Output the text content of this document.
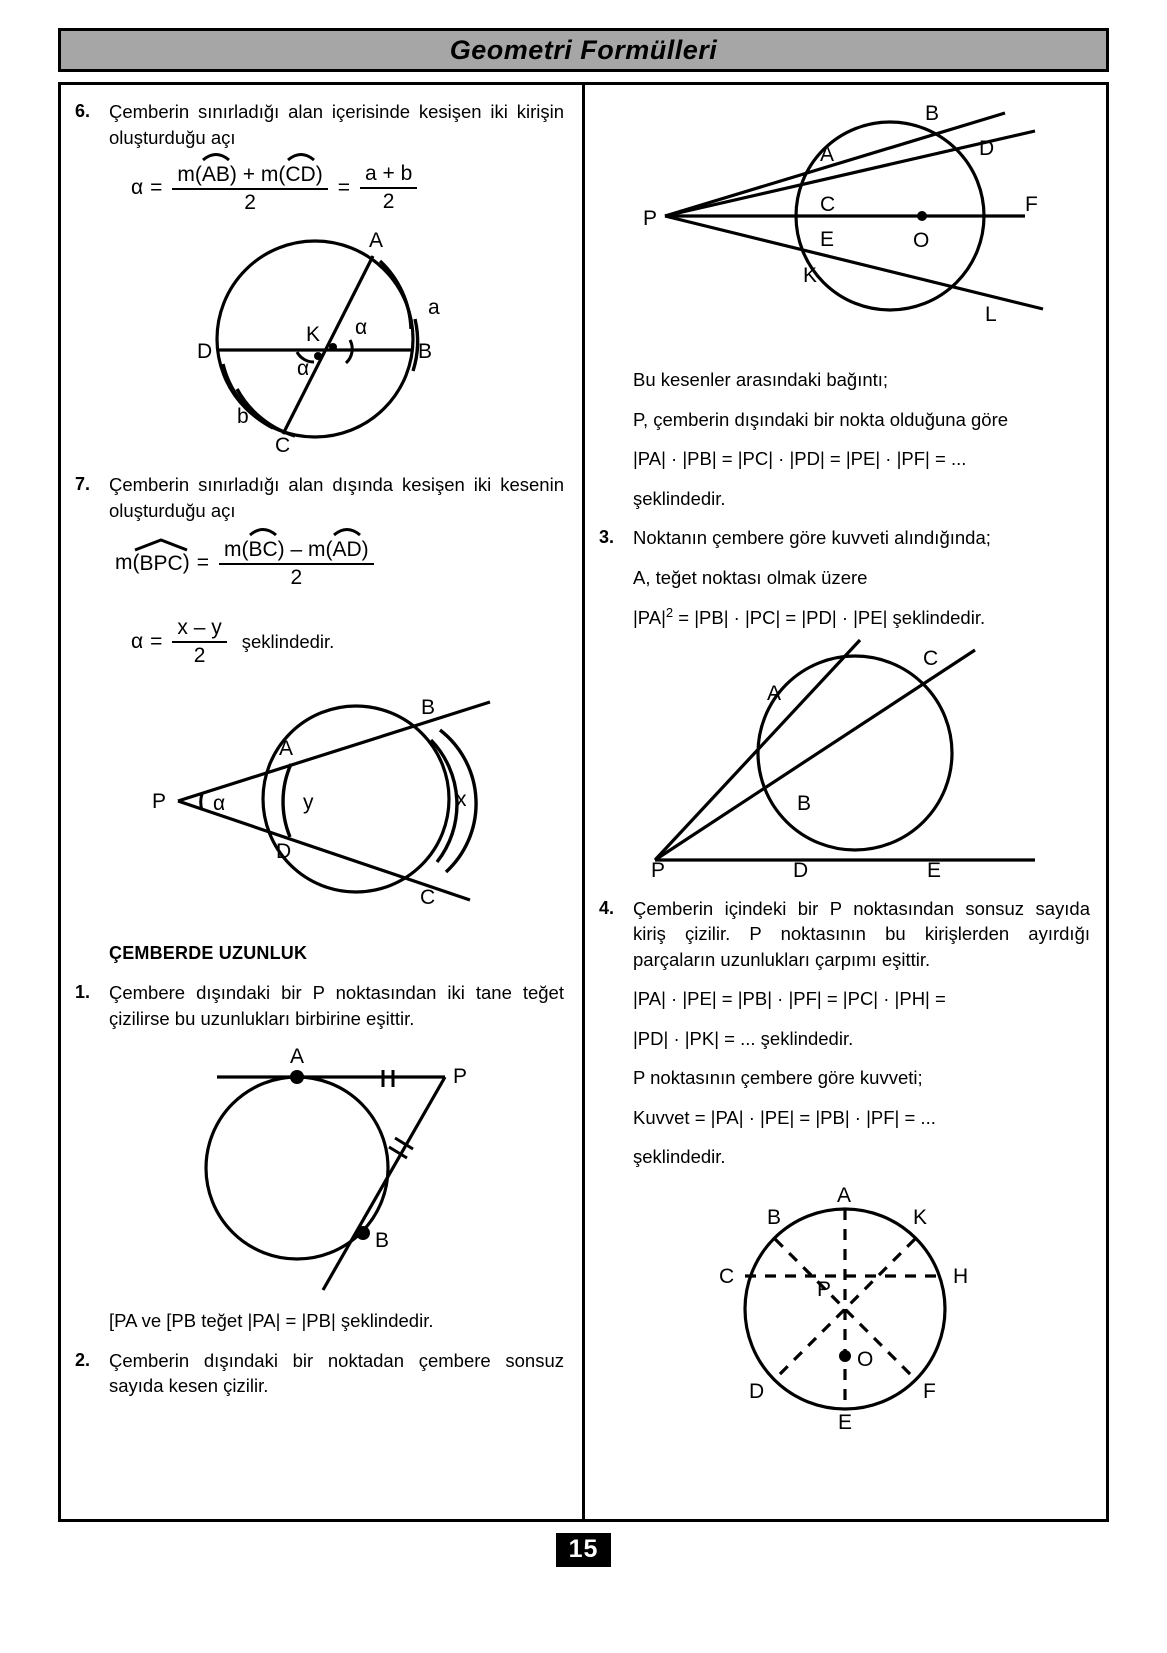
Geometri Formülleri
6.	Çemberin sınırladığı alan içerisinde kesişen iki kirişin oluşturduğu açı
α = m(
AB) + m(
CD)
$2 = \frac{a + b}{2}$
A
B
C
D
K
a
b
α
α
7.	Çemberin sınırladığı alan dışında kesişen iki kesenin oluşturduğu açı
m( BPC ) = m(
BC) – m(
AD)
2
$\alpha = \frac{x - y}{2}$ şeklindedir.
P
A
B
C
D
x
y
α
ÇEMBERDE UZUNLUK
1.	Çembere dışındaki bir P noktasından iki tane teğet çizilirse bu uzunlukları birbirine eşittir.
A
B
P
[PA ve [PB teğet |PA| = |PB| şeklindedir.
2.	Çemberin dışındaki bir noktadan çembere sonsuz sayıda kesen çizilir.
P
A
B
C
D
E
F
K
L
O
Bu kesenler arasındaki bağıntı;
P, çemberin dışındaki bir nokta olduğuna göre
|PA| · |PB| = |PC| · |PD| = |PE| · |PF| = ...
şeklindedir.
3.	Noktanın çembere göre kuvveti alındığında;
A, teğet noktası olmak üzere
$|PA|^2 = |PB| \cdot |PC| = |PD| \cdot |PE|$ şeklindedir.
P
A
B
C
D	E
4.	Çemberin içindeki bir P noktasından sonsuz sayıda kiriş çizilir. P noktasının bu kirişlerden ayırdığı parçaların uzunlukları çarpımı eşittir.
|PA| · |PE| = |PB| · |PF| = |PC| · |PH| =
|PD| · |PK| = ... şeklindedir.
P noktasının çembere göre kuvveti;
Kuvvet = |PA| · |PE| = |PB| · |PF| = ...
şeklindedir.
A
B
C
D
E
F
H
K
P
O
15
